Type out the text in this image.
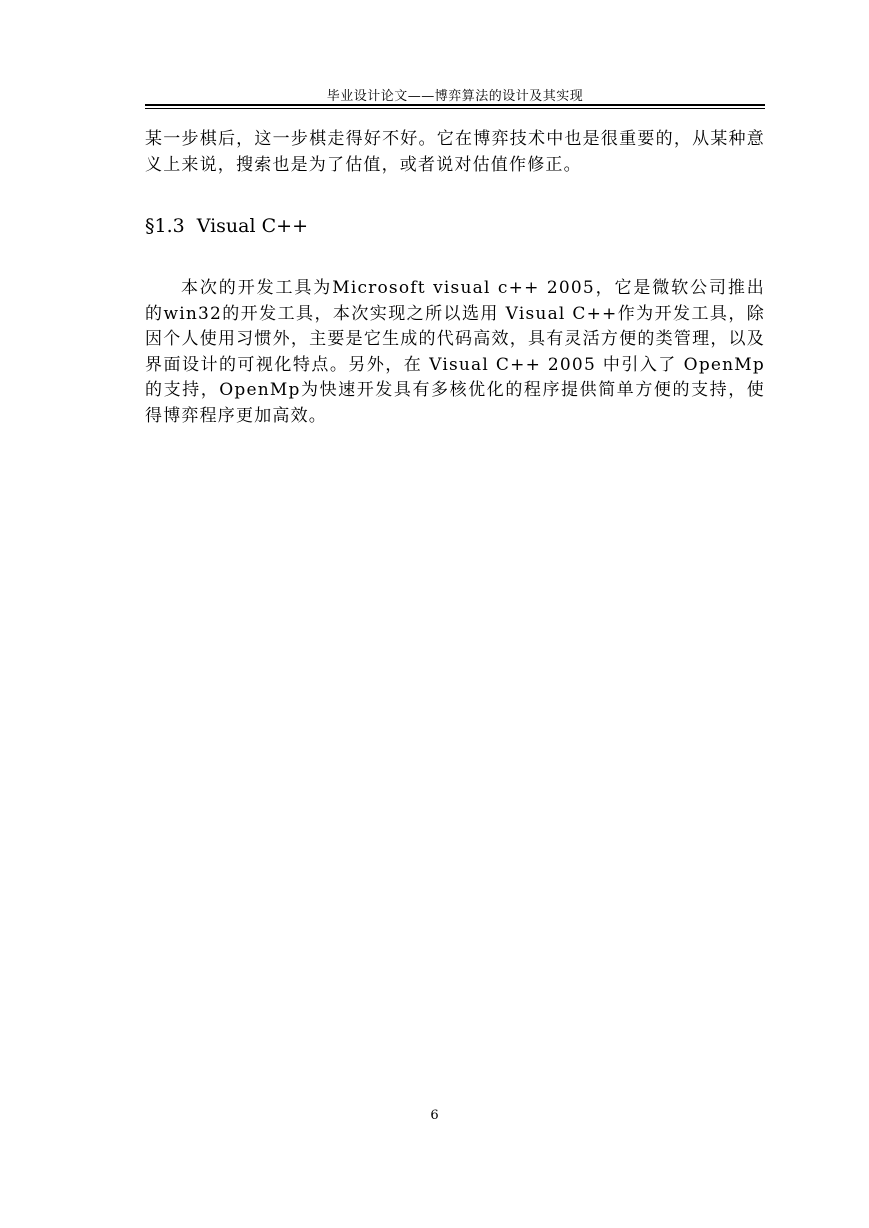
毕业设计论文——博弈算法的设计及其实现

某一步棋后，这一步棋走得好不好。它在博弈技术中也是很重要的，从某种意义上来说，搜索也是为了估值，或者说对估值作修正。

§1.3 Visual C++

本次的开发工具为Microsoft visual c++ 2005，它是微软公司推出的win32的开发工具，本次实现之所以选用 Visual C++作为开发工具，除因个人使用习惯外，主要是它生成的代码高效，具有灵活方便的类管理，以及界面设计的可视化特点。另外，在 Visual C++ 2005 中引入了 OpenMp 的支持，OpenMp为快速开发具有多核优化的程序提供简单方便的支持，使得博弈程序更加高效。

6
